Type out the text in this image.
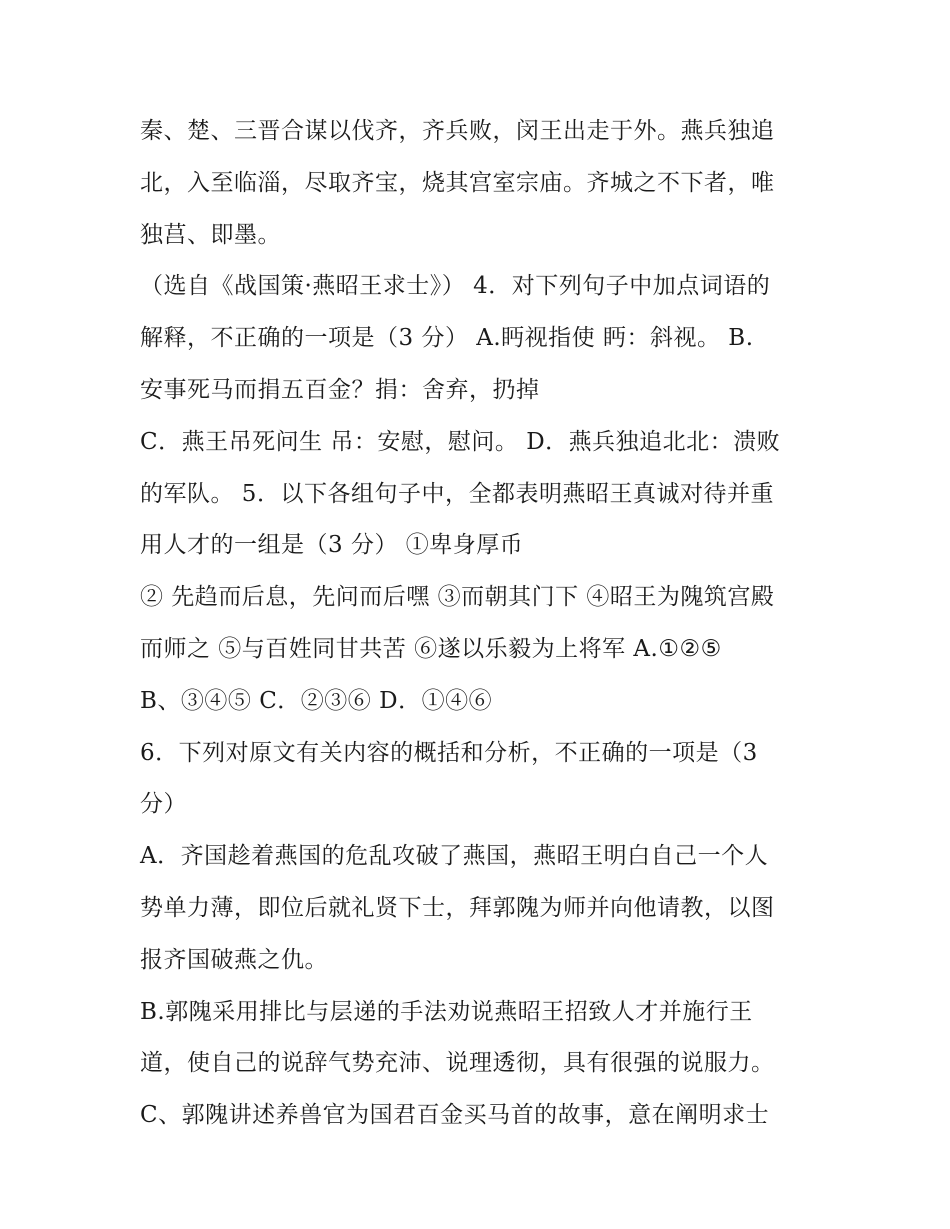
秦、楚、三晋合谋以伐齐，齐兵败，闵王出走于外。燕兵独追
北，入至临淄，尽取齐宝，烧其宫室宗庙。齐城之不下者，唯
独莒、即墨。
（选自《战国策·燕昭王求士》） 4．对下列句子中加点词语的
解释，不正确的一项是（3 分） A.眄视指使 眄：斜视。 B.
安事死马而捐五百金？捐：舍弃，扔掉
C．燕王吊死问生 吊：安慰，慰问。 D．燕兵独追北北：溃败
的军队。 5．以下各组句子中，全都表明燕昭王真诚对待并重
用人才的一组是（3 分） ①卑身厚币
② 先趋而后息，先问而后嘿 ③而朝其门下 ④昭王为隗筑宫殿
而师之 ⑤与百姓同甘共苦 ⑥遂以乐毅为上将军 A.①②⑤
B、③④⑤ C．②③⑥ D．①④⑥
6．下列对原文有关内容的概括和分析，不正确的一项是（3
分）
A．齐国趁着燕国的危乱攻破了燕国，燕昭王明白自己一个人
势单力薄，即位后就礼贤下士，拜郭隗为师并向他请教，以图
报齐国破燕之仇。
B.郭隗采用排比与层递的手法劝说燕昭王招致人才并施行王
道，使自己的说辞气势充沛、说理透彻，具有很强的说服力。
C、郭隗讲述养兽官为国君百金买马首的故事，意在阐明求士
